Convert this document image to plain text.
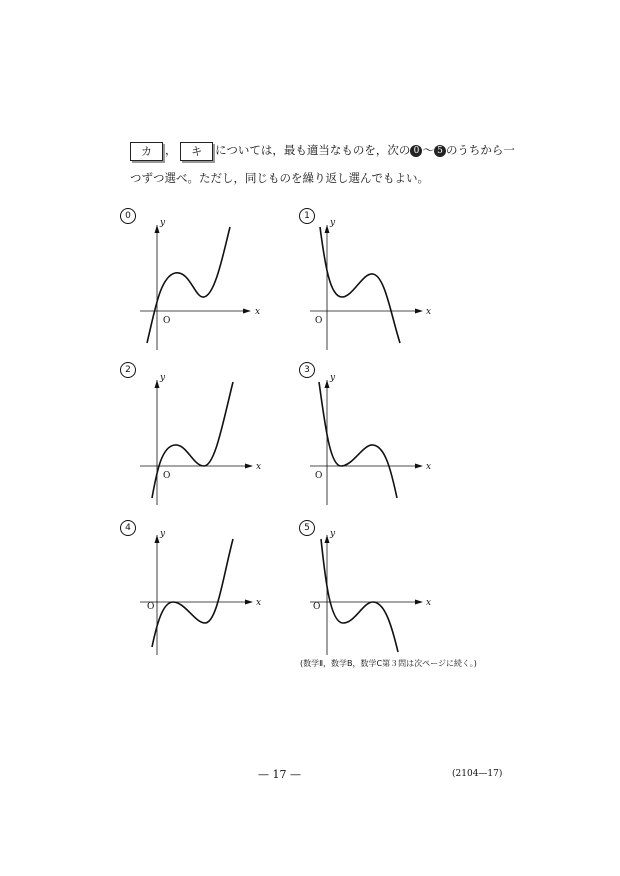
カ ， キ については，最も適当なものを，次の 0 〜 5 のうちから一
つずつ選べ。ただし，同じものを繰り返し選んでもよい。
0
x
y
O
1
x
y
O
2
x
y
O
3
x
y
O
4
x
y
O
5
x
y
O
(数学Ⅱ，数学B，数学C第３問は次ページに続く。)
— 17 —	(2104—17)
